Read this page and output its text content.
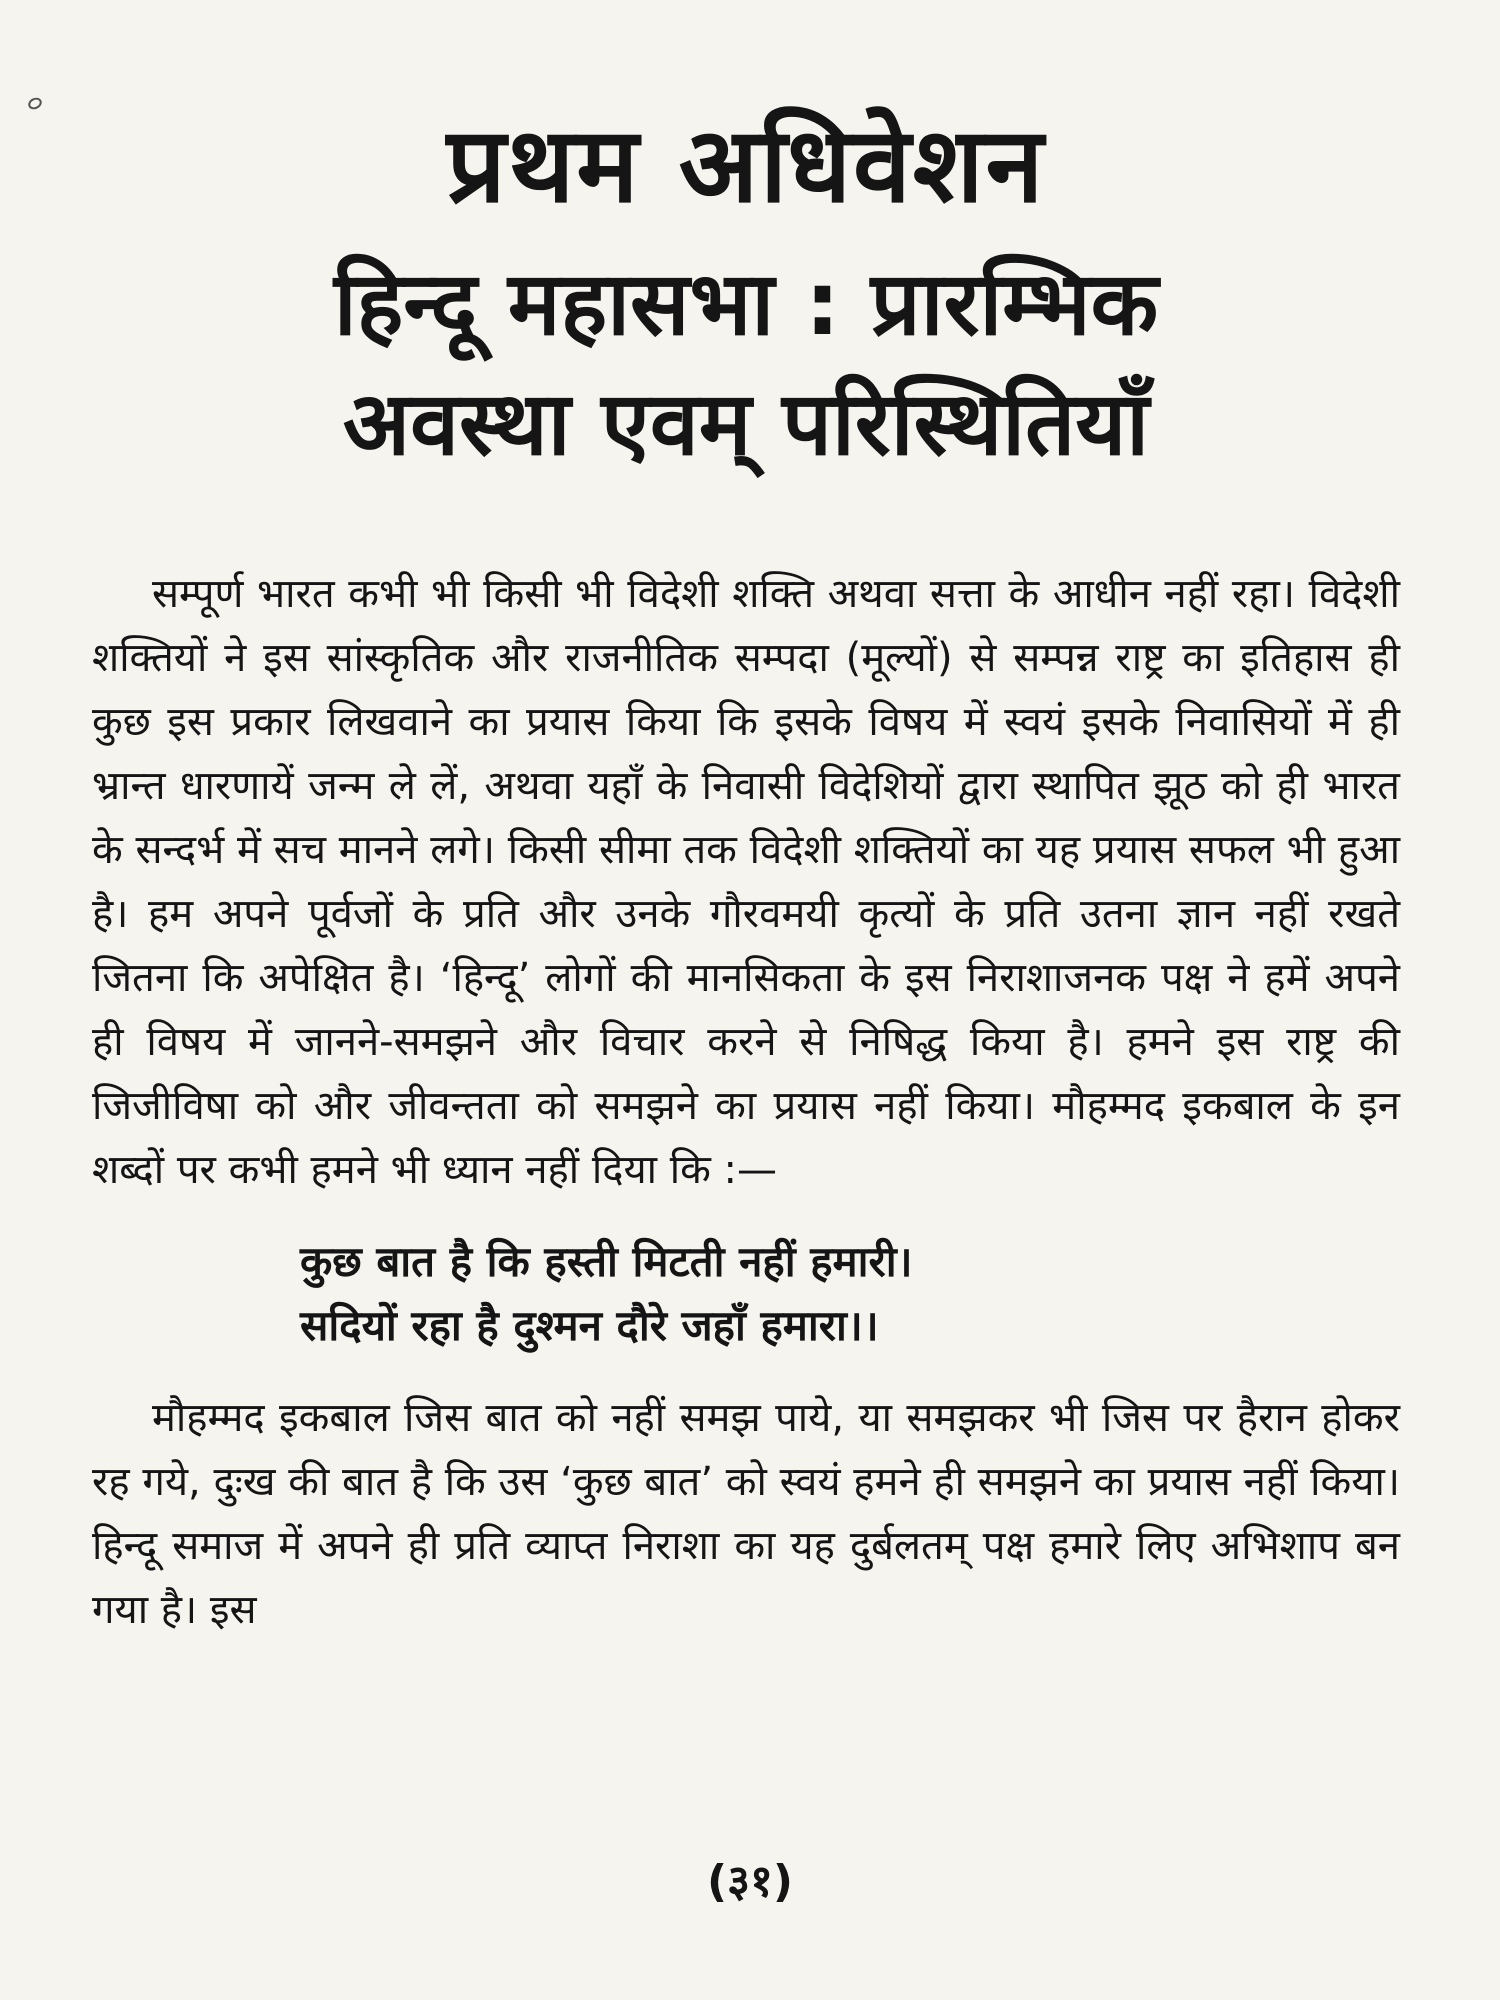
प्रथम अधिवेशन
हिन्दू महासभा : प्रारम्भिक
अवस्था एवम् परिस्थितियाँ

सम्पूर्ण भारत कभी भी किसी भी विदेशी शक्ति अथवा सत्ता के आधीन नहीं रहा। विदेशी शक्तियों ने इस सांस्कृतिक और राजनीतिक सम्पदा (मूल्यों) से सम्पन्न राष्ट्र का इतिहास ही कुछ इस प्रकार लिखवाने का प्रयास किया कि इसके विषय में स्वयं इसके निवासियों में ही भ्रान्त धारणायें जन्म ले लें, अथवा यहाँ के निवासी विदेशियों द्वारा स्थापित झूठ को ही भारत के सन्दर्भ में सच मानने लगे। किसी सीमा तक विदेशी शक्तियों का यह प्रयास सफल भी हुआ है। हम अपने पूर्वजों के प्रति और उनके गौरवमयी कृत्यों के प्रति उतना ज्ञान नहीं रखते जितना कि अपेक्षित है। ‘हिन्दू’ लोगों की मानसिकता के इस निराशाजनक पक्ष ने हमें अपने ही विषय में जानने-समझने और विचार करने से निषिद्ध किया है। हमने इस राष्ट्र की जिजीविषा को और जीवन्तता को समझने का प्रयास नहीं किया। मौहम्मद इकबाल के इन शब्दों पर कभी हमने भी ध्यान नहीं दिया कि :—

कुछ बात है कि हस्ती मिटती नहीं हमारी।
सदियों रहा है दुश्मन दौरे जहाँ हमारा।।

मौहम्मद इकबाल जिस बात को नहीं समझ पाये, या समझकर भी जिस पर हैरान होकर रह गये, दुःख की बात है कि उस ‘कुछ बात’ को स्वयं हमने ही समझने का प्रयास नहीं किया। हिन्दू समाज में अपने ही प्रति व्याप्त निराशा का यह दुर्बलतम् पक्ष हमारे लिए अभिशाप बन गया है। इस

(३१)
